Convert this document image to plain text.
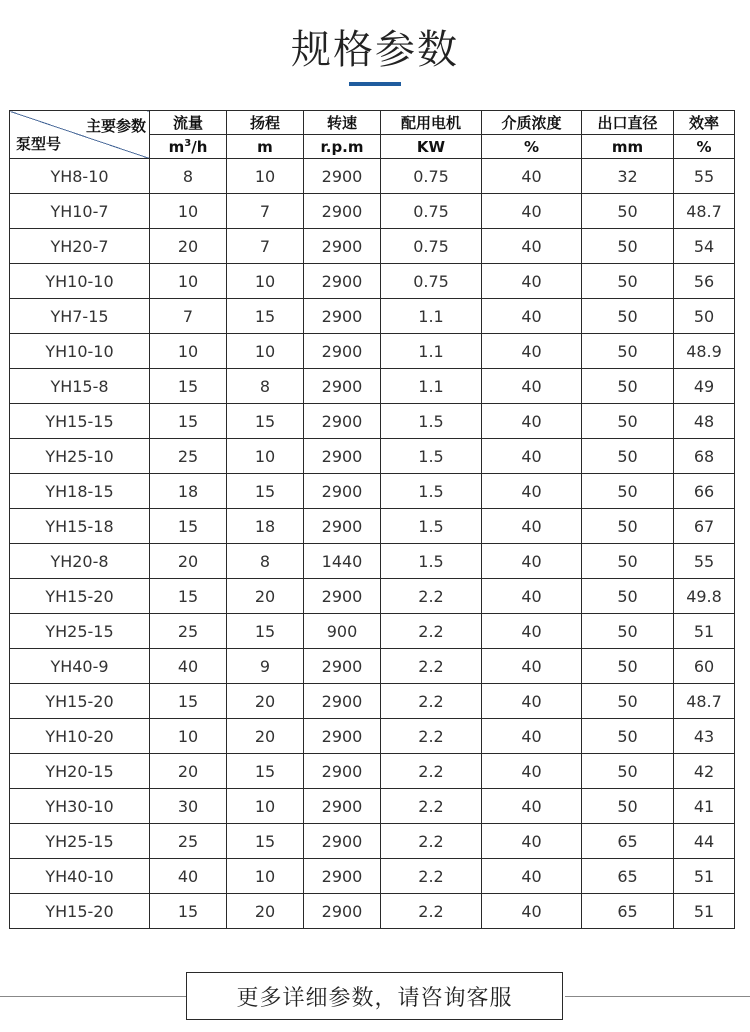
规格参数
主要参数
泵型号	流量	扬程	转速	配用电机	介质浓度	出口直径	效率
	$m^3/h$	m	r.p.m	KW	%	mm	%
YH8-10	8	10	2900	0.75	40	32	55
YH10-7	10	7	2900	0.75	40	50	48.7
YH20-7	20	7	2900	0.75	40	50	54
YH10-10	10	10	2900	0.75	40	50	56
YH7-15	7	15	2900	1.1	40	50	50
YH10-10	10	10	2900	1.1	40	50	48.9
YH15-8	15	8	2900	1.1	40	50	49
YH15-15	15	15	2900	1.5	40	50	48
YH25-10	25	10	2900	1.5	40	50	68
YH18-15	18	15	2900	1.5	40	50	66
YH15-18	15	18	2900	1.5	40	50	67
YH20-8	20	8	1440	1.5	40	50	55
YH15-20	15	20	2900	2.2	40	50	49.8
YH25-15	25	15	900	2.2	40	50	51
YH40-9	40	9	2900	2.2	40	50	60
YH15-20	15	20	2900	2.2	40	50	48.7
YH10-20	10	20	2900	2.2	40	50	43
YH20-15	20	15	2900	2.2	40	50	42
YH30-10	30	10	2900	2.2	40	50	41
YH25-15	25	15	2900	2.2	40	65	44
YH40-10	40	10	2900	2.2	40	65	51
YH15-20	15	20	2900	2.2	40	65	51
更多详细参数，请咨询客服
